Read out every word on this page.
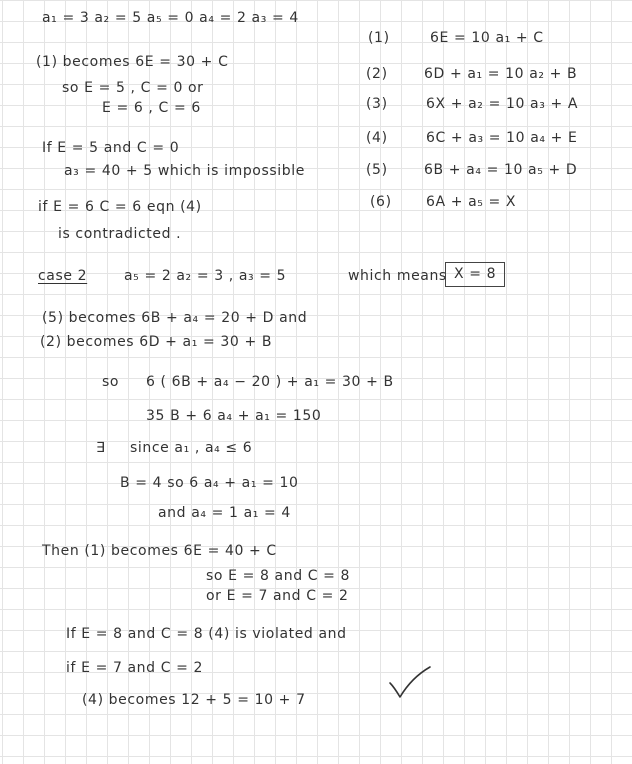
a₁ = 3 a₂ = 5 a₅ = 0 a₄ = 2 a₃ = 4
(1) becomes 6E = 30 + C
so E = 5 , C = 0 or
E = 6 , C = 6
If E = 5 and C = 0
a₃ = 40 + 5 which is impossible
if E = 6 C = 6 eqn (4)
is contradicted .
(1)	6E = 10 a₁ + C
(2)	6D + a₁ = 10 a₂ + B
(3)	6X + a₂ = 10 a₃ + A
(4)	6C + a₃ = 10 a₄ + E
(5)	6B + a₄ = 10 a₅ + D
(6) 6A + a₅ = X
case 2	a₅ = 2 a₂ = 3 , a₃ = 5	which means X = 8
(5) becomes 6B + a₄ = 20 + D and
(2) becomes 6D + a₁ = 30 + B
so 6 ( 6B + a₄ − 20 ) + a₁ = 30 + B
35 B + 6 a₄ + a₁ = 150
∃ since a₁ , a₄ ≤ 6
B = 4 so 6 a₄ + a₁ = 10
and a₄ = 1 a₁ = 4
Then (1) becomes 6E = 40 + C
so E = 8 and C = 8
or E = 7 and C = 2
If E = 8 and C = 8 (4) is violated and
if E = 7 and C = 2
(4) becomes 12 + 5 = 10 + 7
